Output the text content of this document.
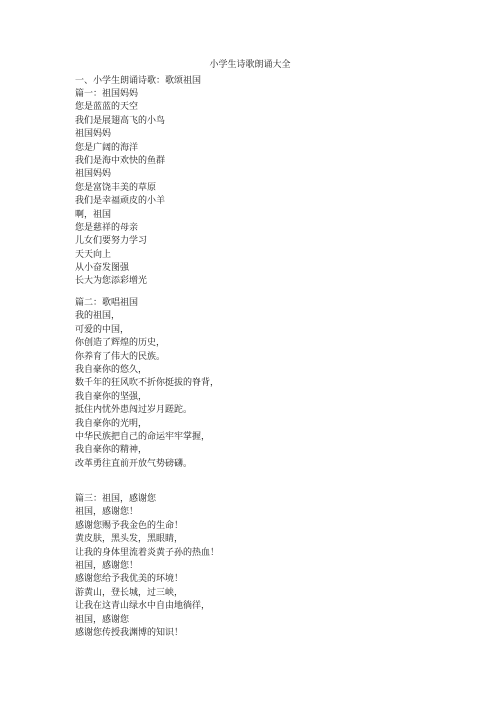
小学生诗歌朗诵大全
一、小学生朗诵诗歌：歌颂祖国
篇一：祖国妈妈
您是蓝蓝的天空
我们是展翅高飞的小鸟
祖国妈妈
您是广阔的海洋
我们是海中欢快的鱼群
祖国妈妈
您是富饶丰美的草原
我们是幸福顽皮的小羊
啊，祖国
您是慈祥的母亲
儿女们要努力学习
天天向上
从小奋发图强
长大为您添彩增光
篇二：歌唱祖国
我的祖国，
可爱的中国，
你创造了辉煌的历史，
你养育了伟大的民族。
我自豪你的悠久，
数千年的狂风吹不折你挺拔的脊背，
我自豪你的坚强，
抵住内忧外患闯过岁月蹉跎。
我自豪你的光明，
中华民族把自己的命运牢牢掌握，
我自豪你的精神，
改革勇往直前开放气势磅礴。
篇三：祖国，感谢您
祖国，感谢您！
感谢您赐予我金色的生命！
黄皮肤，黑头发，黑眼睛，
让我的身体里流着炎黄子孙的热血！
祖国，感谢您！
感谢您给予我优美的环境！
游黄山，登长城，过三峡，
让我在这青山绿水中自由地徜徉，
祖国，感谢您
感谢您传授我渊博的知识！
